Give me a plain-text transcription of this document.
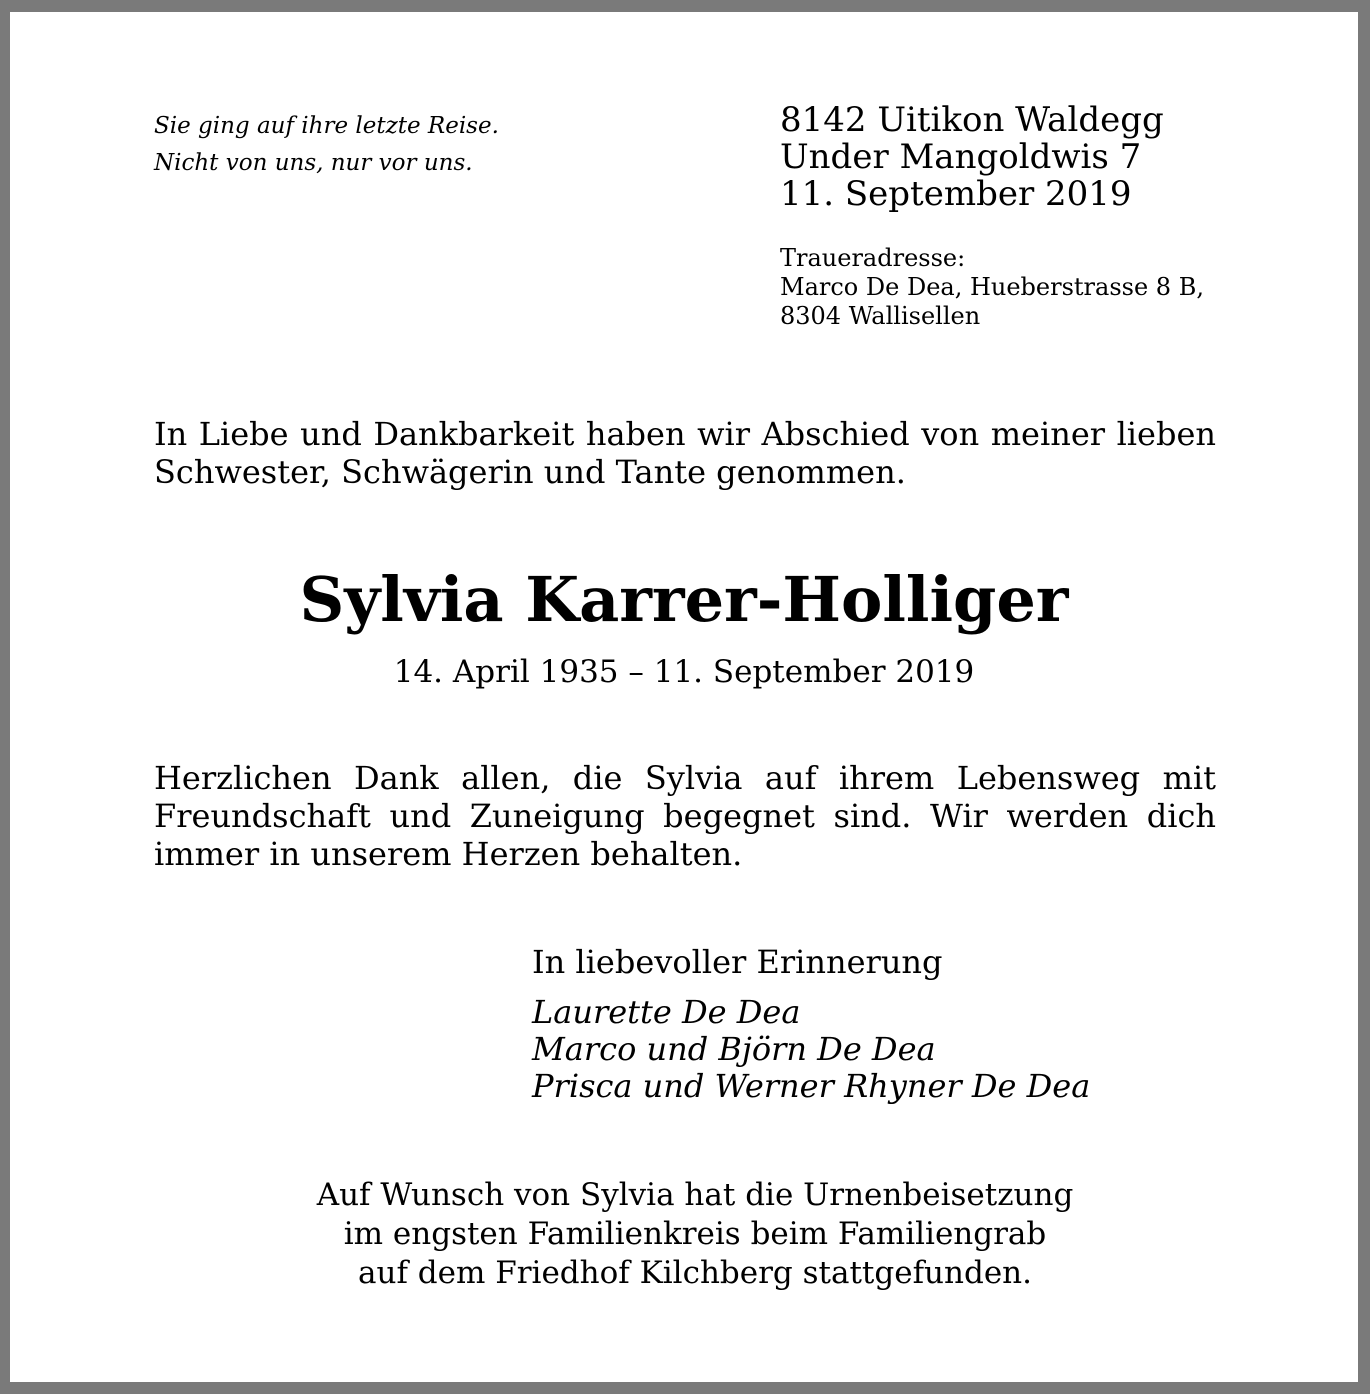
Sie ging auf ihre letzte Reise.
Nicht von uns, nur vor uns.
8142 Uitikon Waldegg
Under Mangoldwis 7
11. September 2019
Traueradresse:
Marco De Dea, Hueberstrasse 8 B,
8304 Wallisellen
In Liebe und Dankbarkeit haben wir Abschied von meiner lieben Schwester, Schwägerin und Tante genommen.
Sylvia Karrer-Holliger
14. April 1935 – 11. September 2019
Herzlichen Dank allen, die Sylvia auf ihrem Lebensweg mit Freundschaft und Zuneigung begegnet sind. Wir werden dich immer in unserem Herzen behalten.
In liebevoller Erinnerung
Laurette De Dea
Marco und Björn De Dea
Prisca und Werner Rhyner De Dea
Auf Wunsch von Sylvia hat die Urnenbeisetzung
im engsten Familienkreis beim Familiengrab
auf dem Friedhof Kilchberg stattgefunden.
